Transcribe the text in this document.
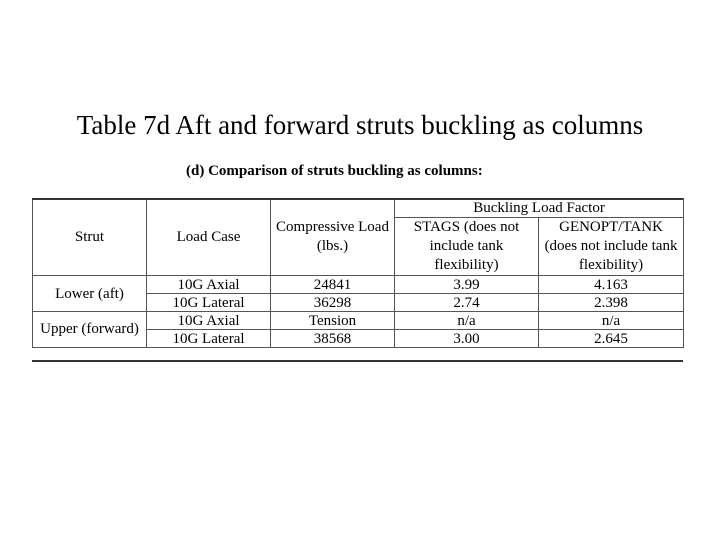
Table 7d Aft and forward struts buckling as columns
(d) Comparison of struts buckling as columns:
Strut	Load Case	Compressive Load (lbs.)	Buckling Load Factor	
			STAGS (does not include tank flexibility)	GENOPT/TANK (does not include tank flexibility)
Lower (aft)	10G Axial	24841	3.99	4.163
	10G Lateral	36298	2.74	2.398
Upper (forward)	10G Axial	Tension	n/a	n/a
	10G Lateral	38568	3.00	2.645
